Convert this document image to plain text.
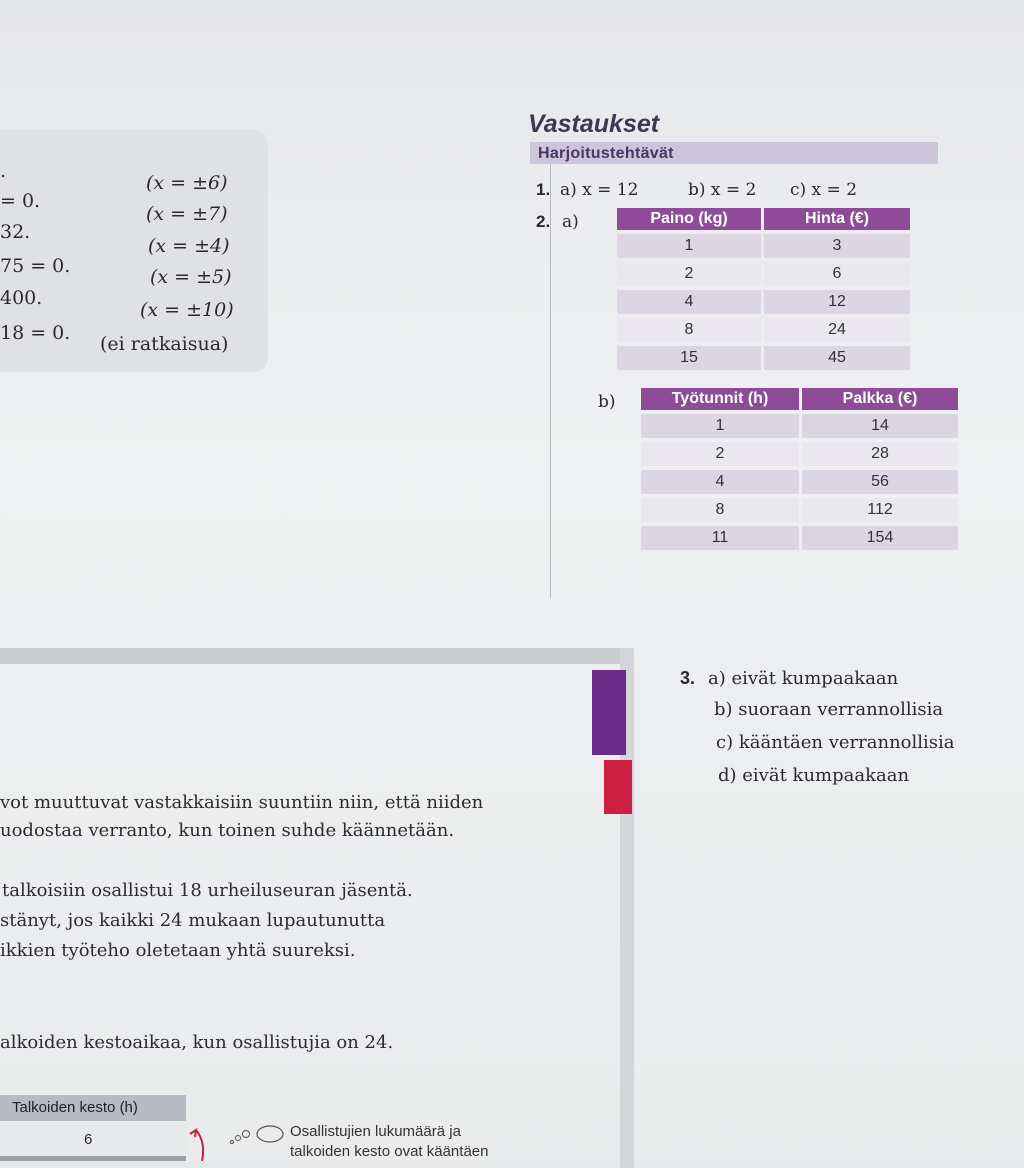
.
(x = ±6)
= 0.
(x = ±7)
32.
(x = ±4)
75 = 0.	(x = ±5)
400.
(x = ±10)
18 = 0. (ei ratkaisua)
Vastaukset
Harjoitustehtävät
1. a) x = 12	b) x = 2 c) x = 2
2. a)	Paino (kg)	Hinta (€)
1	3
2	6
4	12
8	24
15	45
b)	Työtunnit (h)	Palkka (€)
1	14
2	28
4	56
8	112
11	154
3. a) eivät kumpaakaan
b) suoraan verrannollisia
c) kääntäen verrannollisia
d) eivät kumpaakaan
vot muuttuvat vastakkaisiin suuntiin niin, että niiden
uodostaa verranto, kun toinen suhde käännetään.
talkoisiin osallistui 18 urheiluseuran jäsentä.
stänyt, jos kaikki 24 mukaan lupautunutta
ikkien työteho oletetaan yhtä suureksi.
alkoiden kestoaikaa, kun osallistujia on 24.
Talkoiden kesto (h)
6	Osallistujien lukumäärä ja
talkoiden kesto ovat kääntäen
